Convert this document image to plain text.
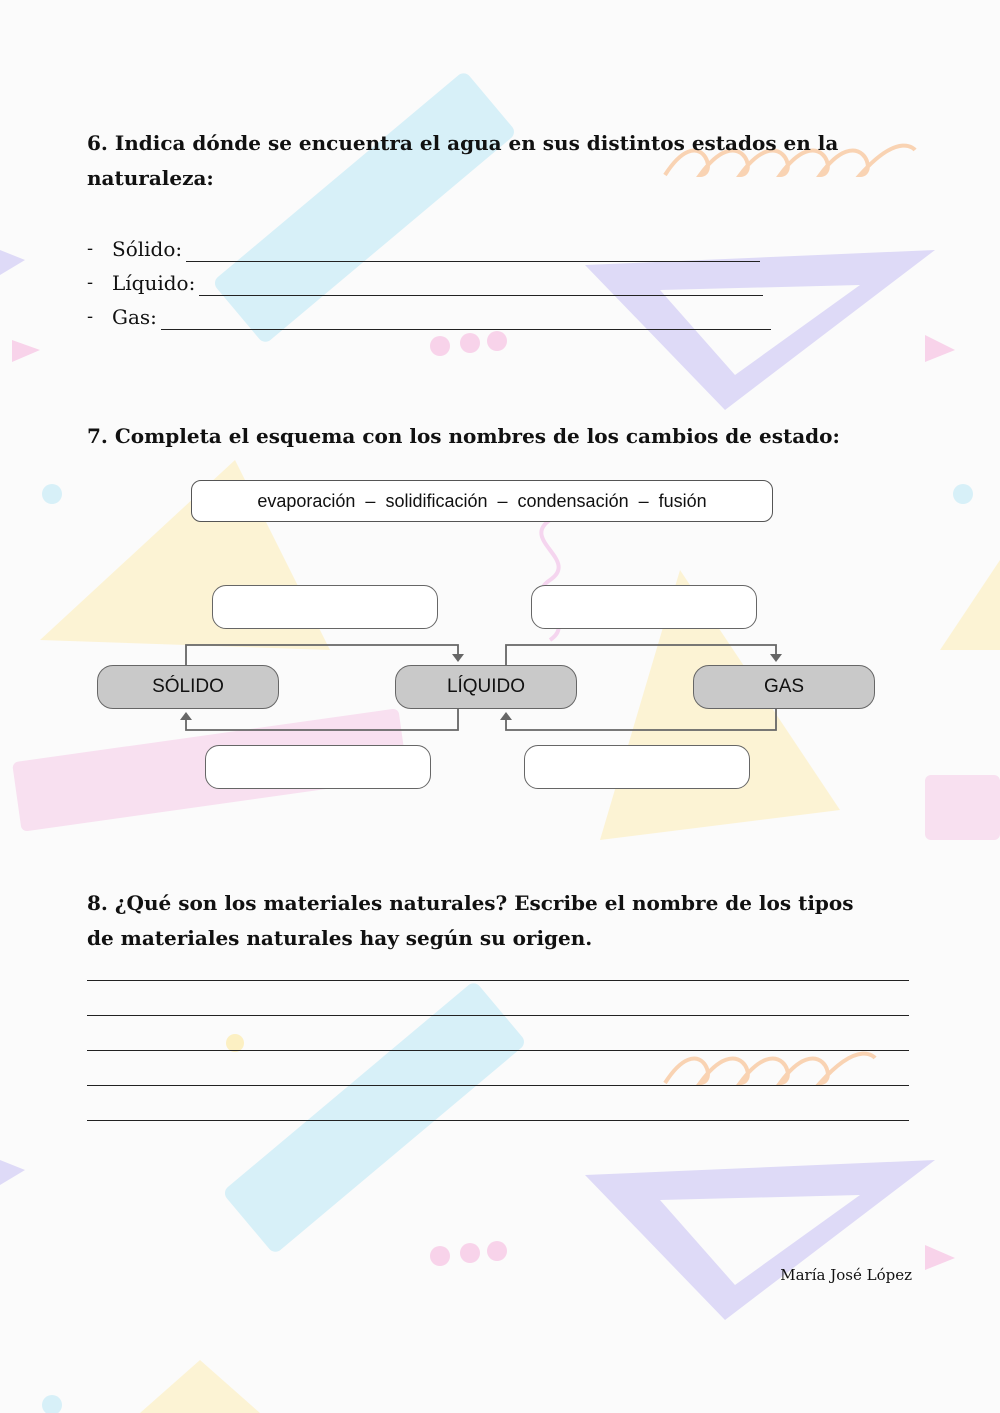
6. Indica dónde se encuentra el agua en sus distintos estados en la
naturaleza:
- Sólido:
- Líquido:
- Gas:
7. Completa el esquema con los nombres de los cambios de estado:
evaporación  –  solidificación  –  condensación  –  fusión
SÓLIDO	LÍQUIDO	GAS
8. ¿Qué son los materiales naturales? Escribe el nombre de los tipos
de materiales naturales hay según su origen.
María José López
